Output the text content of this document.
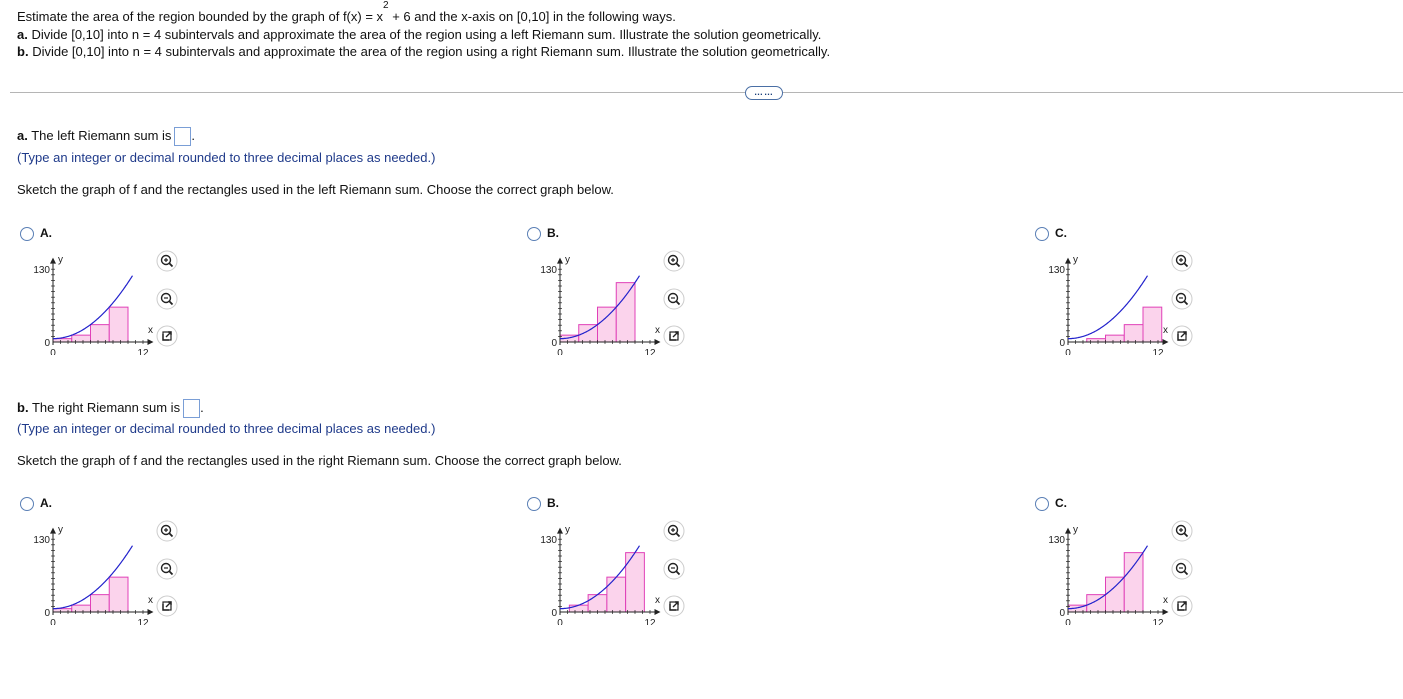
Estimate the area of the region bounded by the graph of $f(x) = x^2 + 6$ and the x-axis on [0,10] in the following ways.
a. Divide [0,10] into n = 4 subintervals and approximate the area of the region using a left Riemann sum. Illustrate the solution geometrically.
b. Divide [0,10] into n = 4 subintervals and approximate the area of the region using a right Riemann sum. Illustrate the solution geometrically.
……
a. The left Riemann sum is .
(Type an integer or decimal rounded to three decimal places as needed.)
Sketch the graph of f and the rectangles used in the left Riemann sum. Choose the correct graph below.
b. The right Riemann sum is .
(Type an integer or decimal rounded to three decimal places as needed.)
Sketch the graph of f and the rectangles used in the right Riemann sum. Choose the correct graph below.
A.
y
130
0
0	12
x
B.
y
130
0
0	12
x
C.
y
130
0
0	12
x
A.
y
130
0
0	12
x
B.
y
130
0
0	12
x
C.
y
130
0
0	12
x
